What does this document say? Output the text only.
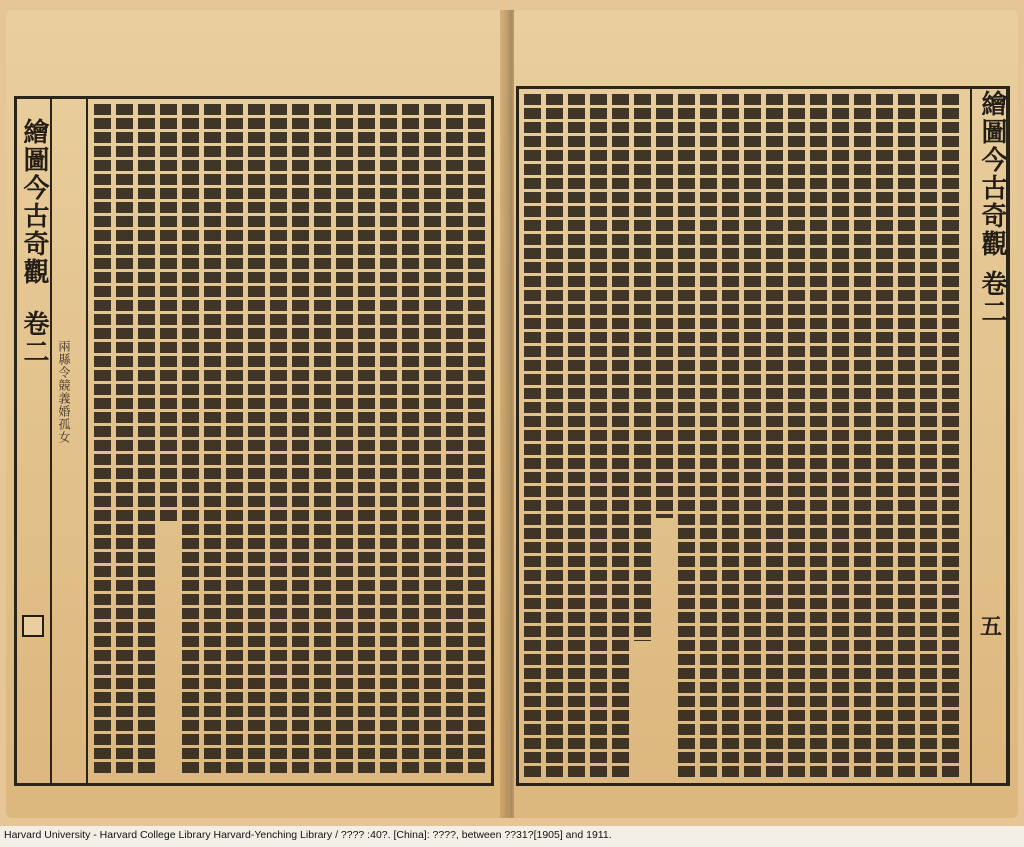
繪圖今古奇觀
卷二
兩縣令競義婚孤女
繪圖今古奇觀
卷二
五
Harvard University - Harvard College Library Harvard-Yenching Library / ???? :40?. [China]: ????, between ??31?[1905] and 1911.
